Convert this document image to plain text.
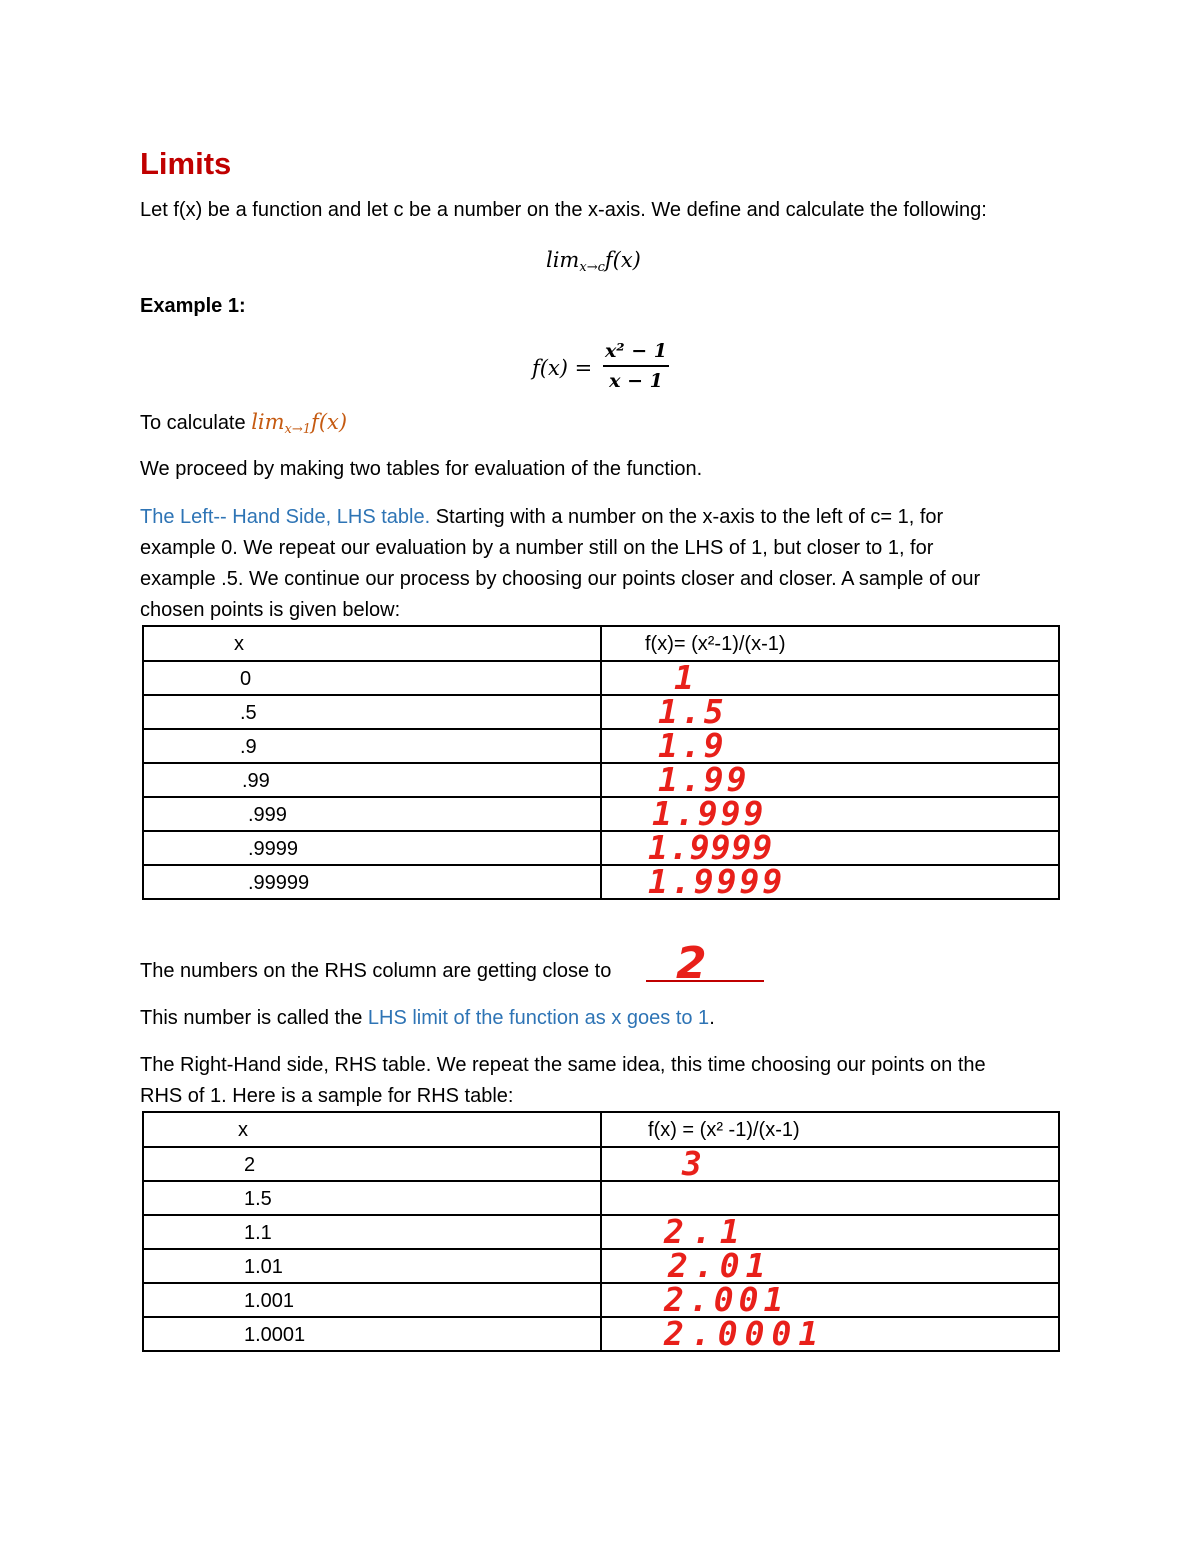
Limits
Let f(x) be a function and let c be a number on the x-axis. We define and calculate the following:
$\lim_{x\to c}f(x)$
Example 1:
f(x) =
x² − 1
x − 1
To calculate $\lim_{x\to 1}f(x)$
We proceed by making two tables for evaluation of the function.
The Left-- Hand Side, LHS table. Starting with a number on the x-axis to the left of c= 1, for
example 0. We repeat our evaluation by a number still on the LHS of 1, but closer to 1, for
example .5. We continue our process by choosing our points closer and closer. A sample of our
chosen points is given below:
x	f(x)= (x²-1)/(x-1)

0	1

.5	1.5

.9	1.9

.99	1.99

.999	1.999

.9999	1.9999

.99999	1.9999
The numbers on the RHS column are getting close to 2
This number is called the LHS limit of the function as x goes to 1.
The Right-Hand side, RHS table. We repeat the same idea, this time choosing our points on the
RHS of 1. Here is a sample for RHS table:
x	f(x) = (x² -1)/(x-1)

2	3

1.5	

1.1	2.1

1.01	2.01

1.001	2.001

1.0001	2.0001
